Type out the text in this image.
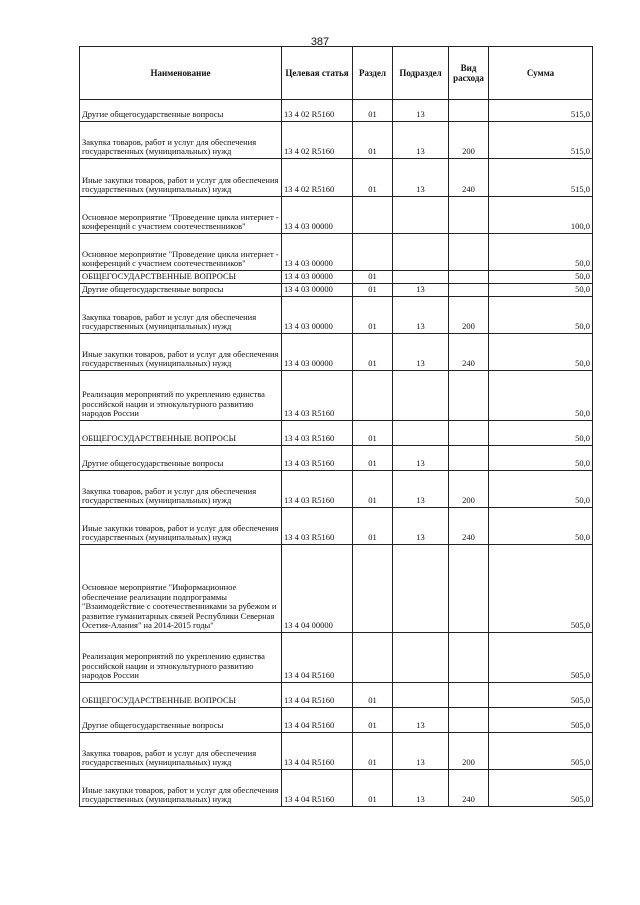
387
Наименование	Целевая статья	Раздел	Подраздел	Вид расхода	Сумма
Другие общегосударственные вопросы	13 4 02 R5160	01	13		515,0
Закупка товаров, работ и услуг для обеспечения государственных (муниципальных) нужд	13 4 02 R5160	01	13	200	515,0
Иные закупки товаров, работ и услуг для обеспечения государственных (муниципальных) нужд	13 4 02 R5160	01	13	240	515,0
Основное мероприятие "Проведение цикла интернет - конференций с участием соотечественников"	13 4 03 00000				100,0
Основное мероприятие "Проведение цикла интернет - конференций с участием соотечественников"	13 4 03 00000				50,0
ОБЩЕГОСУДАРСТВЕННЫЕ ВОПРОСЫ	13 4 03 00000	01			50,0
Другие общегосударственные вопросы	13 4 03 00000	01	13		50,0
Закупка товаров, работ и услуг для обеспечения государственных (муниципальных) нужд	13 4 03 00000	01	13	200	50,0
Иные закупки товаров, работ и услуг для обеспечения государственных (муниципальных) нужд	13 4 03 00000	01	13	240	50,0
Реализация мероприятий по укреплению единства российской нации и этнокультурного развитию народов России	13 4 03 R5160				50,0
ОБЩЕГОСУДАРСТВЕННЫЕ ВОПРОСЫ	13 4 03 R5160	01			50,0
Другие общегосударственные вопросы	13 4 03 R5160	01	13		50,0
Закупка товаров, работ и услуг для обеспечения государственных (муниципальных) нужд	13 4 03 R5160	01	13	200	50,0
Иные закупки товаров, работ и услуг для обеспечения государственных (муниципальных) нужд	13 4 03 R5160	01	13	240	50,0
Основное мероприятие "Информационное обеспечение реализации подпрограммы "Взаимодействие с соотечественниками за рубежом и развитие гуманитарных связей Республики Северная Осетия-Алания" на 2014-2015 годы"	13 4 04 00000				505,0
Реализация мероприятий по укреплению единства российской нации и этнокультурного развитию народов России	13 4 04 R5160				505,0
ОБЩЕГОСУДАРСТВЕННЫЕ ВОПРОСЫ	13 4 04 R5160	01			505,0
Другие общегосударственные вопросы	13 4 04 R5160	01	13		505,0
Закупка товаров, работ и услуг для обеспечения государственных (муниципальных) нужд	13 4 04 R5160	01	13	200	505,0
Иные закупки товаров, работ и услуг для обеспечения государственных (муниципальных) нужд	13 4 04 R5160	01	13	240	505,0
